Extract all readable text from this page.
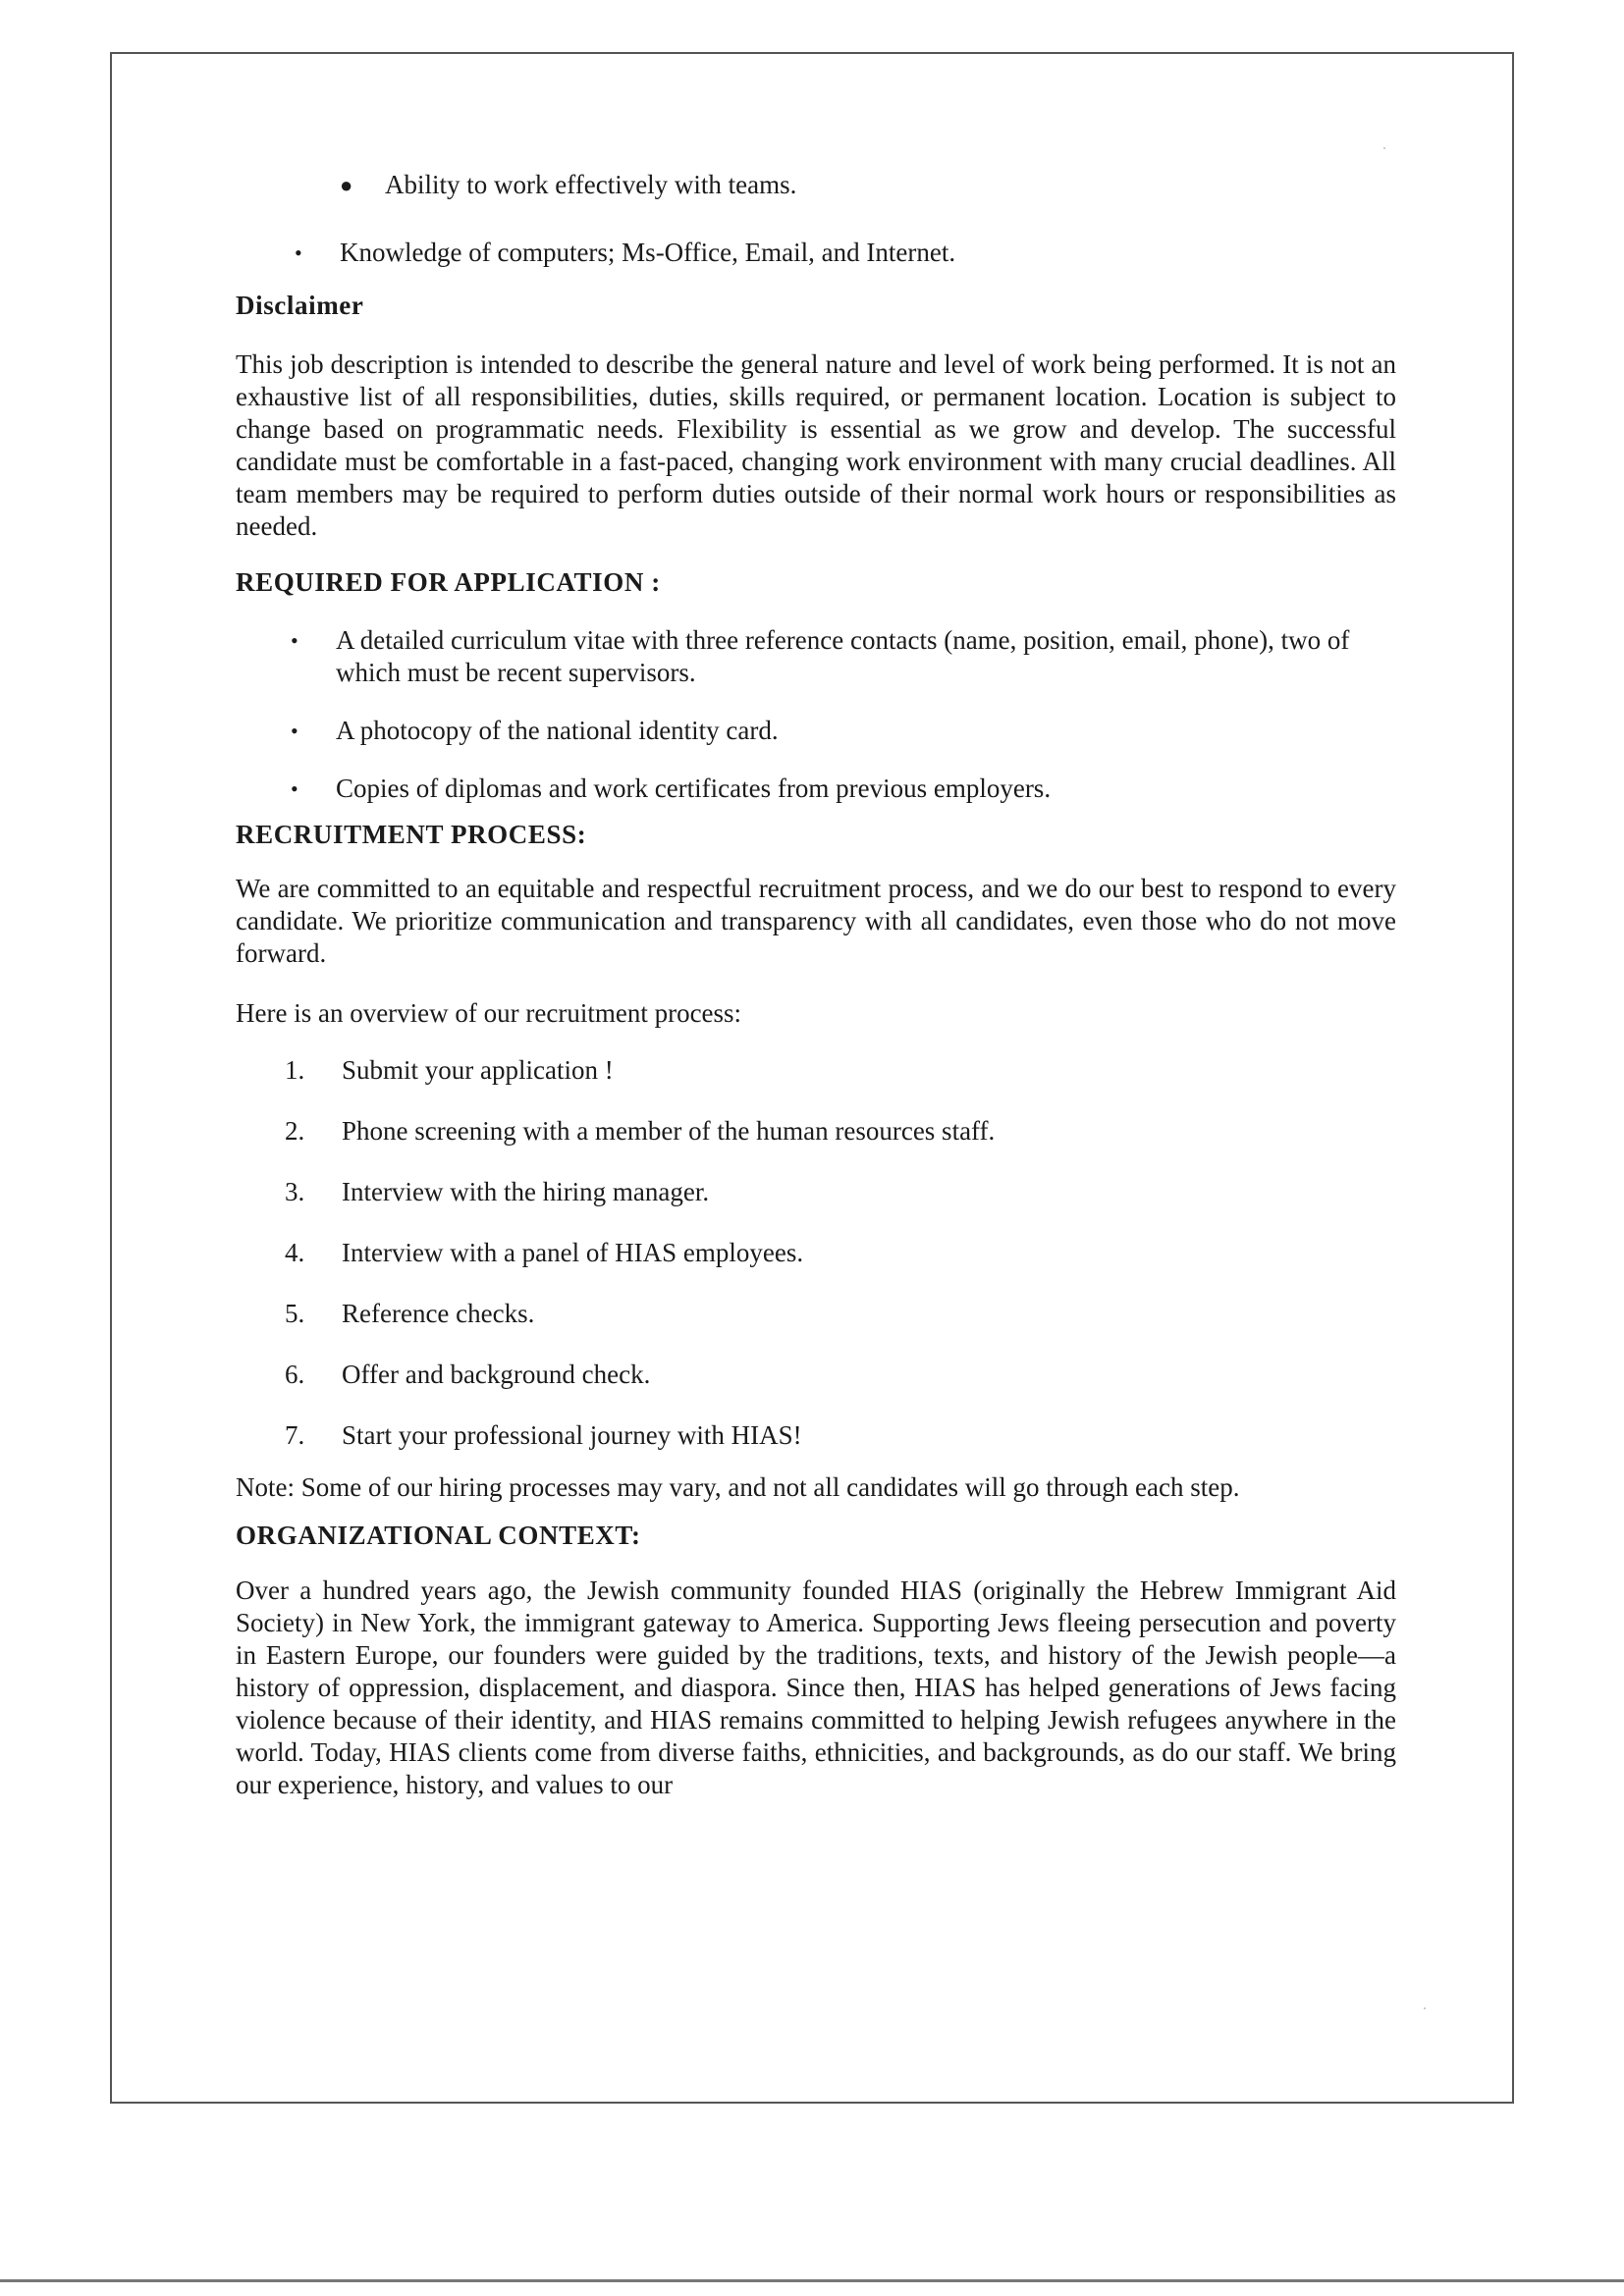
●	Ability to work effectively with teams.
•	Knowledge of computers; Ms-Office, Email, and Internet.
Disclaimer

This job description is intended to describe the general nature and level of work being performed. It is not an exhaustive list of all responsibilities, duties, skills required, or permanent location. Location is subject to change based on programmatic needs. Flexibility is essential as we grow and develop. The successful candidate must be comfortable in a fast-paced, changing work environment with many crucial deadlines. All team members may be required to perform duties outside of their normal work hours or responsibilities as needed.

REQUIRED FOR APPLICATION :
•	A detailed curriculum vitae with three reference contacts (name, position, email, phone), two of which must be recent supervisors.
•	A photocopy of the national identity card.
•	Copies of diplomas and work certificates from previous employers.
RECRUITMENT PROCESS:

We are committed to an equitable and respectful recruitment process, and we do our best to respond to every candidate. We prioritize communication and transparency with all candidates, even those who do not move forward.

Here is an overview of our recruitment process:

1.	Submit your application !
2.	Phone screening with a member of the human resources staff.
3.	Interview with the hiring manager.
4.	Interview with a panel of HIAS employees.
5.	Reference checks.
6.	Offer and background check.
7.	Start your professional journey with HIAS!

Note: Some of our hiring processes may vary, and not all candidates will go through each step.

ORGANIZATIONAL CONTEXT:

Over a hundred years ago, the Jewish community founded HIAS (originally the Hebrew Immigrant Aid Society) in New York, the immigrant gateway to America. Supporting Jews fleeing persecution and poverty in Eastern Europe, our founders were guided by the traditions, texts, and history of the Jewish people—a history of oppression, displacement, and diaspora. Since then, HIAS has helped generations of Jews facing violence because of their identity, and HIAS remains committed to helping Jewish refugees anywhere in the world. Today, HIAS clients come from diverse faiths, ethnicities, and backgrounds, as do our staff. We bring our experience, history, and values to our
